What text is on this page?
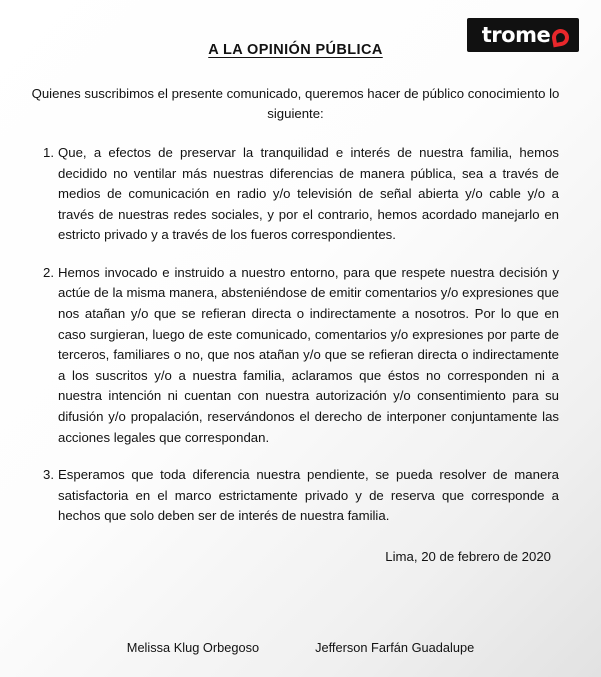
trome
A LA OPINIÓN PÚBLICA

Quienes suscribimos el presente comunicado, queremos hacer de público conocimiento lo siguiente:

Que, a efectos de preservar la tranquilidad e interés de nuestra familia, hemos decidido no ventilar más nuestras diferencias de manera pública, sea a través de medios de comunicación en radio y/o televisión de señal abierta y/o cable y/o a través de nuestras redes sociales, y por el contrario, hemos acordado manejarlo en estricto privado y a través de los fueros correspondientes.
Hemos invocado e instruido a nuestro entorno, para que respete nuestra decisión y actúe de la misma manera, absteniéndose de emitir comentarios y/o expresiones que nos atañan y/o que se refieran directa o indirectamente a nosotros. Por lo que en caso surgieran, luego de este comunicado, comentarios y/o expresiones por parte de terceros, familiares o no, que nos atañan y/o que se refieran directa o indirectamente a los suscritos y/o a nuestra familia, aclaramos que éstos no corresponden ni a nuestra intención ni cuentan con nuestra autorización y/o consentimiento para su difusión y/o propalación, reservándonos el derecho de interponer conjuntamente las acciones legales que correspondan.
Esperamos que toda diferencia nuestra pendiente, se pueda resolver de manera satisfactoria en el marco estrictamente privado y de reserva que corresponde a hechos que solo deben ser de interés de nuestra familia.

Lima, 20 de febrero de 2020

Melissa Klug Orbegoso	Jefferson Farfán Guadalupe
